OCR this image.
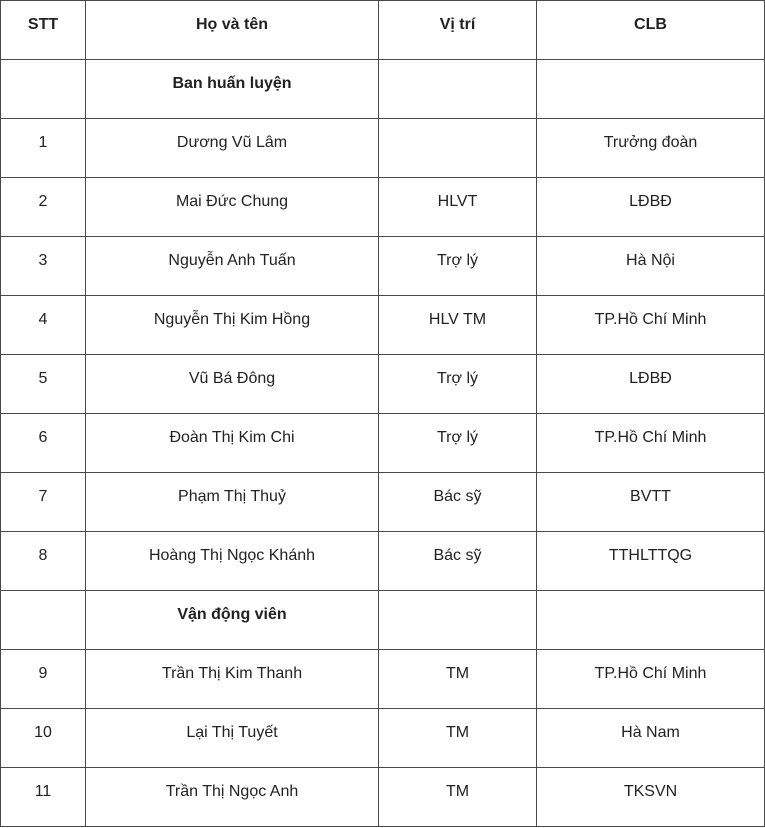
STT	Họ và tên	Vị trí	CLB

	Ban huấn luyện		

1	Dương Vũ Lâm		Trưởng đoàn

2	Mai Đức Chung	HLVT	LĐBĐ

3	Nguyễn Anh Tuấn	Trợ lý	Hà Nội

4	Nguyễn Thị Kim Hồng	HLV TM	TP.Hồ Chí Minh

5	Vũ Bá Đông	Trợ lý	LĐBĐ

6	Đoàn Thị Kim Chi	Trợ lý	TP.Hồ Chí Minh

7	Phạm Thị Thuỷ	Bác sỹ	BVTT

8	Hoàng Thị Ngọc Khánh	Bác sỹ	TTHLTTQG

	Vận động viên		

9	Trần Thị Kim Thanh	TM	TP.Hồ Chí Minh

10	Lại Thị Tuyết	TM	Hà Nam

11	Trần Thị Ngọc Anh	TM	TKSVN
